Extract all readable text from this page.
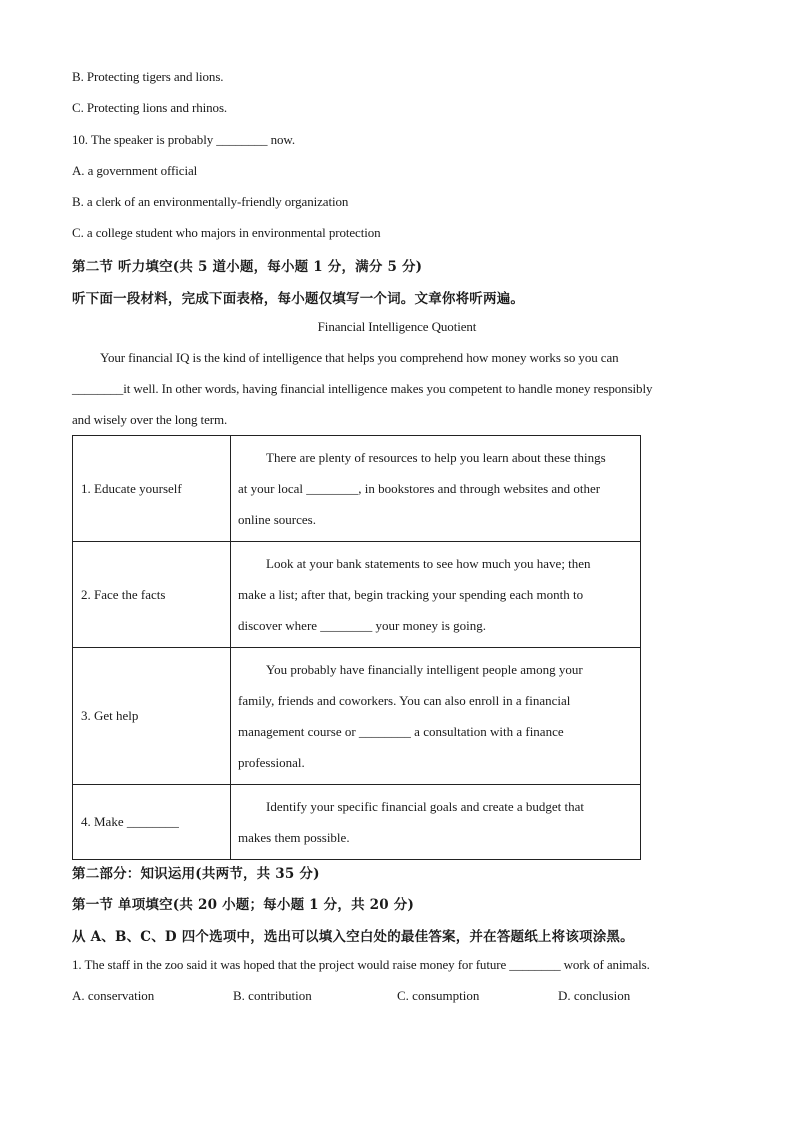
B. Protecting tigers and lions.
C. Protecting lions and rhinos.
10. The speaker is probably ________ now.
A. a government official
B. a clerk of an environmentally-friendly organization
C. a college student who majors in environmental protection
第二节 听力填空(共 5 道小题，每小题 1 分，满分 5 分)
听下面一段材料，完成下面表格，每小题仅填写一个词。文章你将听两遍。
Financial Intelligence Quotient
Your financial IQ is the kind of intelligence that helps you comprehend how money works so you can
________it well. In other words, having financial intelligence makes you competent to handle money responsibly
and wisely over the long term.
1. Educate yourself	There are plenty of resources to help you learn about these things
at your local ________, in bookstores and through websites and other
online sources.

2. Face the facts	Look at your bank statements to see how much you have; then
make a list; after that, begin tracking your spending each month to
discover where ________ your money is going.

3. Get help	You probably have financially intelligent people among your
family, friends and coworkers. You can also enroll in a financial
management course or ________ a consultation with a finance
professional.

4. Make ________	Identify your specific financial goals and create a budget that
makes them possible.
第二部分：知识运用(共两节，共 35 分)
第一节 单项填空(共 20 小题；每小题 1 分，共 20 分)
从 A、B、C、D 四个选项中，选出可以填入空白处的最佳答案，并在答题纸上将该项涂黑。
1. The staff in the zoo said it was hoped that the project would raise money for future ________ work of animals.
A. conservation	B. contribution	C. consumption	D. conclusion
